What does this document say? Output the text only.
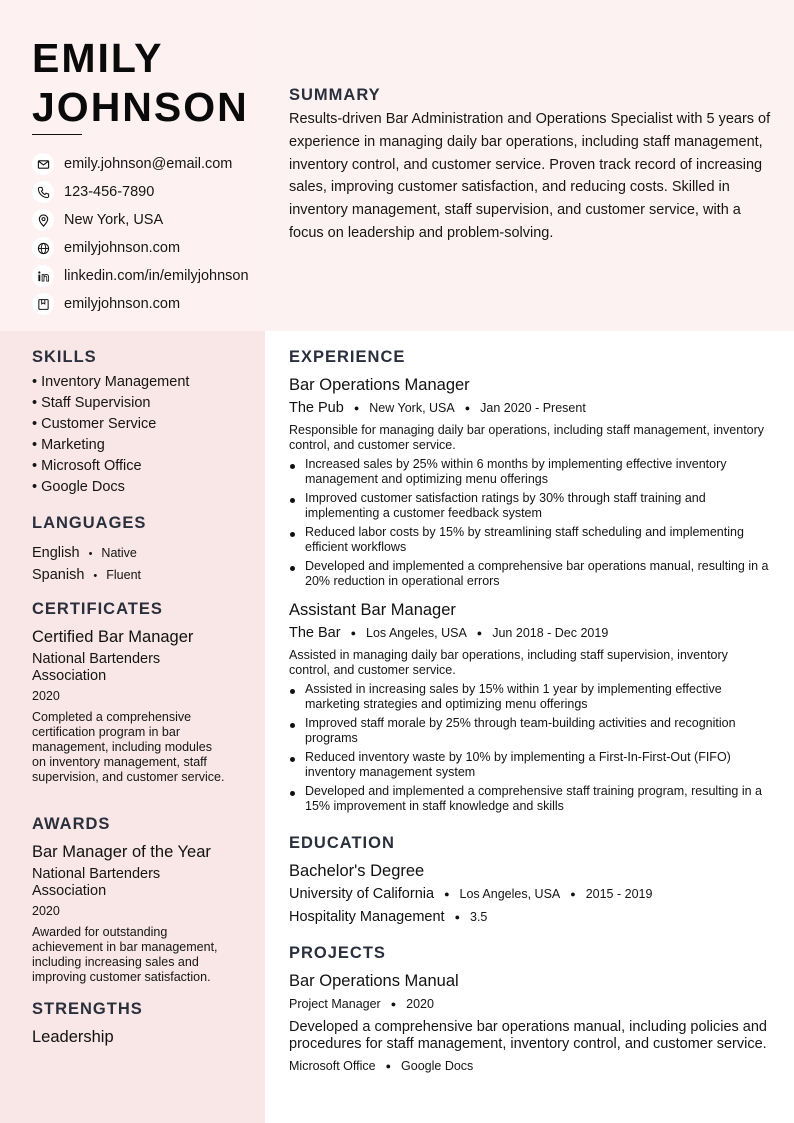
EMILY
JOHNSON
emily.johnson@email.com
123-456-7890
New York, USA
emilyjohnson.com
linkedin.com/in/emilyjohnson
emilyjohnson.com
SUMMARY

Results-driven Bar Administration and Operations Specialist with 5 years of experience in managing daily bar operations, including staff management, inventory control, and customer service. Proven track record of increasing sales, improving customer satisfaction, and reducing costs. Skilled in inventory management, staff supervision, and customer service, with a focus on leadership and problem-solving.

SKILLS
• Inventory Management
• Staff Supervision
• Customer Service
• Marketing
• Microsoft Office
• Google Docs
LANGUAGES
English • Native
Spanish • Fluent
CERTIFICATES
Certified Bar Manager
National Bartenders Association
2020
Completed a comprehensive certification program in bar management, including modules on inventory management, staff supervision, and customer service.
AWARDS
Bar Manager of the Year
National Bartenders Association
2020
Awarded for outstanding achievement in bar management, including increasing sales and improving customer satisfaction.
STRENGTHS
Leadership
EXPERIENCE
Bar Operations Manager
The Pub ● New York, USA ● Jan 2020 - Present
Responsible for managing daily bar operations, including staff management, inventory control, and customer service.
Increased sales by 25% within 6 months by implementing effective inventory management and optimizing menu offerings
Improved customer satisfaction ratings by 30% through staff training and implementing a customer feedback system
Reduced labor costs by 15% by streamlining staff scheduling and implementing efficient workflows
Developed and implemented a comprehensive bar operations manual, resulting in a 20% reduction in operational errors
Assistant Bar Manager
The Bar ● Los Angeles, USA ● Jun 2018 - Dec 2019
Assisted in managing daily bar operations, including staff supervision, inventory control, and customer service.
Assisted in increasing sales by 15% within 1 year by implementing effective marketing strategies and optimizing menu offerings
Improved staff morale by 25% through team-building activities and recognition programs
Reduced inventory waste by 10% by implementing a First-In-First-Out (FIFO) inventory management system
Developed and implemented a comprehensive staff training program, resulting in a 15% improvement in staff knowledge and skills
EDUCATION
Bachelor's Degree
University of California ● Los Angeles, USA ● 2015 - 2019
Hospitality Management ● 3.5
PROJECTS
Bar Operations Manual
Project Manager ● 2020
Developed a comprehensive bar operations manual, including policies and procedures for staff management, inventory control, and customer service.
Microsoft Office ● Google Docs
